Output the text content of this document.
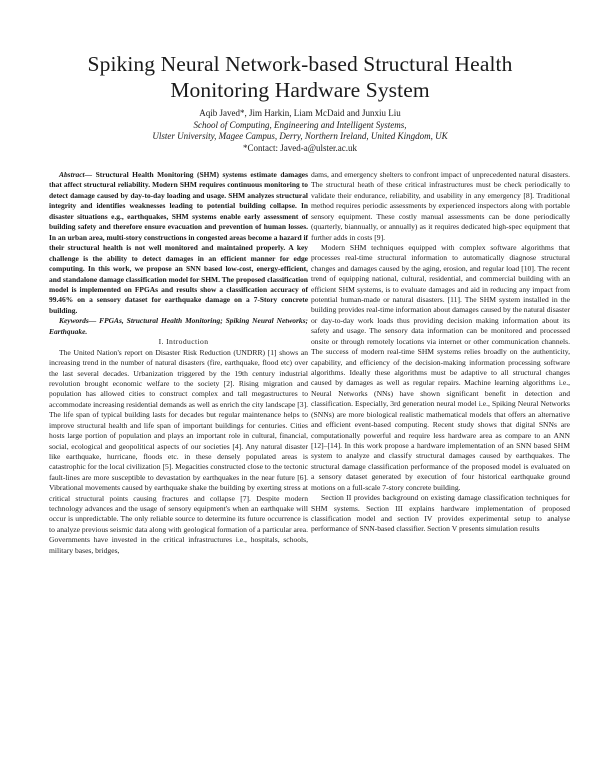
Spiking Neural Network-based Structural Health
Monitoring Hardware System
Aqib Javed*, Jim Harkin, Liam McDaid and Junxiu Liu
School of Computing, Engineering and Intelligent Systems,
Ulster University, Magee Campus, Derry, Northern Ireland, United Kingdom, UK
*Contact: Javed-a@ulster.ac.uk

Abstract— Structural Health Monitoring (SHM) systems estimate damages that affect structural reliability. Modern SHM requires continuous monitoring to detect damage caused by day-to-day loading and usage. SHM analyzes structural integrity and identifies weaknesses leading to potential building collapse. In disaster situations e.g., earthquakes, SHM systems enable early assessment of building safety and therefore ensure evacuation and prevention of human losses. In an urban area, multi-story constructions in congested areas become a hazard if their structural health is not well monitored and maintained properly. A key challenge is the ability to detect damages in an efficient manner for edge computing. In this work, we propose an SNN based low-cost, energy-efficient, and standalone damage classification model for SHM. The proposed classification model is implemented on FPGAs and results show a classification accuracy of 99.46% on a sensory dataset for earthquake damage on a 7-Story concrete building.

Keywords— FPGAs, Structural Health Monitoring; Spiking Neural Networks; Earthquake.

I. Introduction

The United Nation's report on Disaster Risk Reduction (UNDRR) [1] shows an increasing trend in the number of natural disasters (fire, earthquake, flood etc) over the last several decades. Urbanization triggered by the 19th century industrial revolution brought economic welfare to the society [2]. Rising migration and population has allowed cities to construct complex and tall megastructures to accommodate increasing residential demands as well as enrich the city landscape [3]. The life span of typical building lasts for decades but regular maintenance helps to improve structural health and life span of important buildings for centuries. Cities hosts large portion of population and plays an important role in cultural, financial, social, ecological and geopolitical aspects of our societies [4]. Any natural disaster like earthquake, hurricane, floods etc. in these densely populated areas is catastrophic for the local civilization [5]. Megacities constructed close to the tectonic fault-lines are more susceptible to devastation by earthquakes in the near future [6]. Vibrational movements caused by earthquake shake the building by exerting stress at critical structural points causing fractures and collapse [7]. Despite modern technology advances and the usage of sensory equipment's when an earthquake will occur is unpredictable. The only reliable source to determine its future occurrence is to analyze previous seismic data along with geological formation of a particular area. Governments have invested in the critical infrastructures i.e., hospitals, schools, military bases, bridges,

dams, and emergency shelters to confront impact of unprecedented natural disasters. The structural heath of these critical infrastructures must be check periodically to validate their endurance, reliability, and usability in any emergency [8]. Traditional method requires periodic assessments by experienced inspectors along with portable sensory equipment. These costly manual assessments can be done periodically (quarterly, biannually, or annually) as it requires dedicated high-spec equipment that further adds in costs [9].

Modern SHM techniques equipped with complex software algorithms that processes real-time structural information to automatically diagnose structural changes and damages caused by the aging, erosion, and regular load [10]. The recent trend of equipping national, cultural, residential, and commercial building with an efficient SHM systems, is to evaluate damages and aid in reducing any impact from potential human-made or natural disasters. [11]. The SHM system installed in the building provides real-time information about damages caused by the natural disaster or day-to-day work loads thus providing decision making information about its safety and usage. The sensory data information can be monitored and processed onsite or through remotely locations via internet or other communication channels. The success of modern real-time SHM systems relies broadly on the authenticity, capability, and efficiency of the decision-making information processing software algorithms. Ideally these algorithms must be adaptive to all structural changes caused by damages as well as regular repairs. Machine learning algorithms i.e., Neural Networks (NNs) have shown significant benefit in detection and classification. Especially, 3rd generation neural model i.e., Spiking Neural Networks (SNNs) are more biological realistic mathematical models that offers an alternative and efficient event-based computing. Recent study shows that digital SNNs are computationally powerful and require less hardware area as compare to an ANN [12]–[14]. In this work propose a hardware implementation of an SNN based SHM system to analyze and classify structural damages caused by earthquakes. The structural damage classification performance of the proposed model is evaluated on a sensory dataset generated by execution of four historical earthquake ground motions on a full-scale 7-story concrete building.

Section II provides background on existing damage classification techniques for SHM systems. Section III explains hardware implementation of proposed classification model and section IV provides experimental setup to analyse performance of SNN-based classifier. Section V presents simulation results
